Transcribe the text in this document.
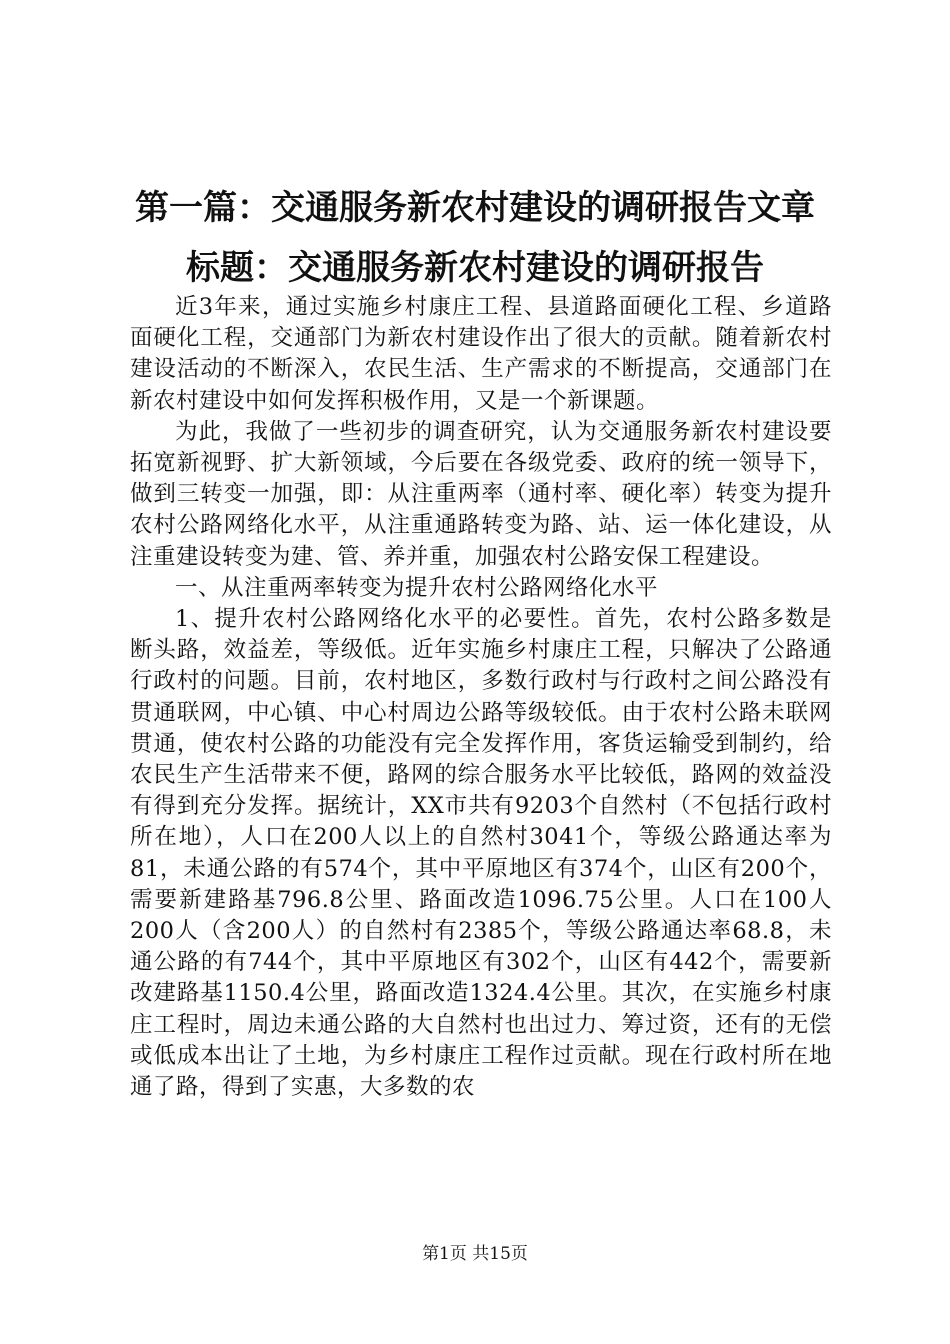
第一篇：交通服务新农村建设的调研报告文章
标题：交通服务新农村建设的调研报告

近3年来，通过实施乡村康庄工程、县道路面硬化工程、乡道路面硬化工程，交通部门为新农村建设作出了很大的贡献。随着新农村建设活动的不断深入，农民生活、生产需求的不断提高，交通部门在新农村建设中如何发挥积极作用，又是一个新课题。

为此，我做了一些初步的调查研究，认为交通服务新农村建设要拓宽新视野、扩大新领域，今后要在各级党委、政府的统一领导下，做到三转变一加强，即：从注重两率（通村率、硬化率）转变为提升农村公路网络化水平，从注重通路转变为路、站、运一体化建设，从注重建设转变为建、管、养并重，加强农村公路安保工程建设。

一、从注重两率转变为提升农村公路网络化水平

1、提升农村公路网络化水平的必要性。首先，农村公路多数是断头路，效益差，等级低。近年实施乡村康庄工程，只解决了公路通行政村的问题。目前，农村地区，多数行政村与行政村之间公路没有贯通联网，中心镇、中心村周边公路等级较低。由于农村公路未联网贯通，使农村公路的功能没有完全发挥作用，客货运输受到制约，给农民生产生活带来不便，路网的综合服务水平比较低，路网的效益没有得到充分发挥。据统计，XX市共有9203个自然村（不包括行政村所在地），人口在200人以上的自然村3041个，等级公路通达率为81，未通公路的有574个，其中平原地区有374个，山区有200个，需要新建路基796.8公里、路面改造1096.75公里。人口在100人200人（含200人）的自然村有2385个，等级公路通达率68.8，未通公路的有744个，其中平原地区有302个，山区有442个，需要新改建路基1150.4公里，路面改造1324.4公里。其次，在实施乡村康庄工程时，周边未通公路的大自然村也出过力、筹过资，还有的无偿或低成本出让了土地，为乡村康庄工程作过贡献。现在行政村所在地通了路，得到了实惠，大多数的农

第1页 共15页
